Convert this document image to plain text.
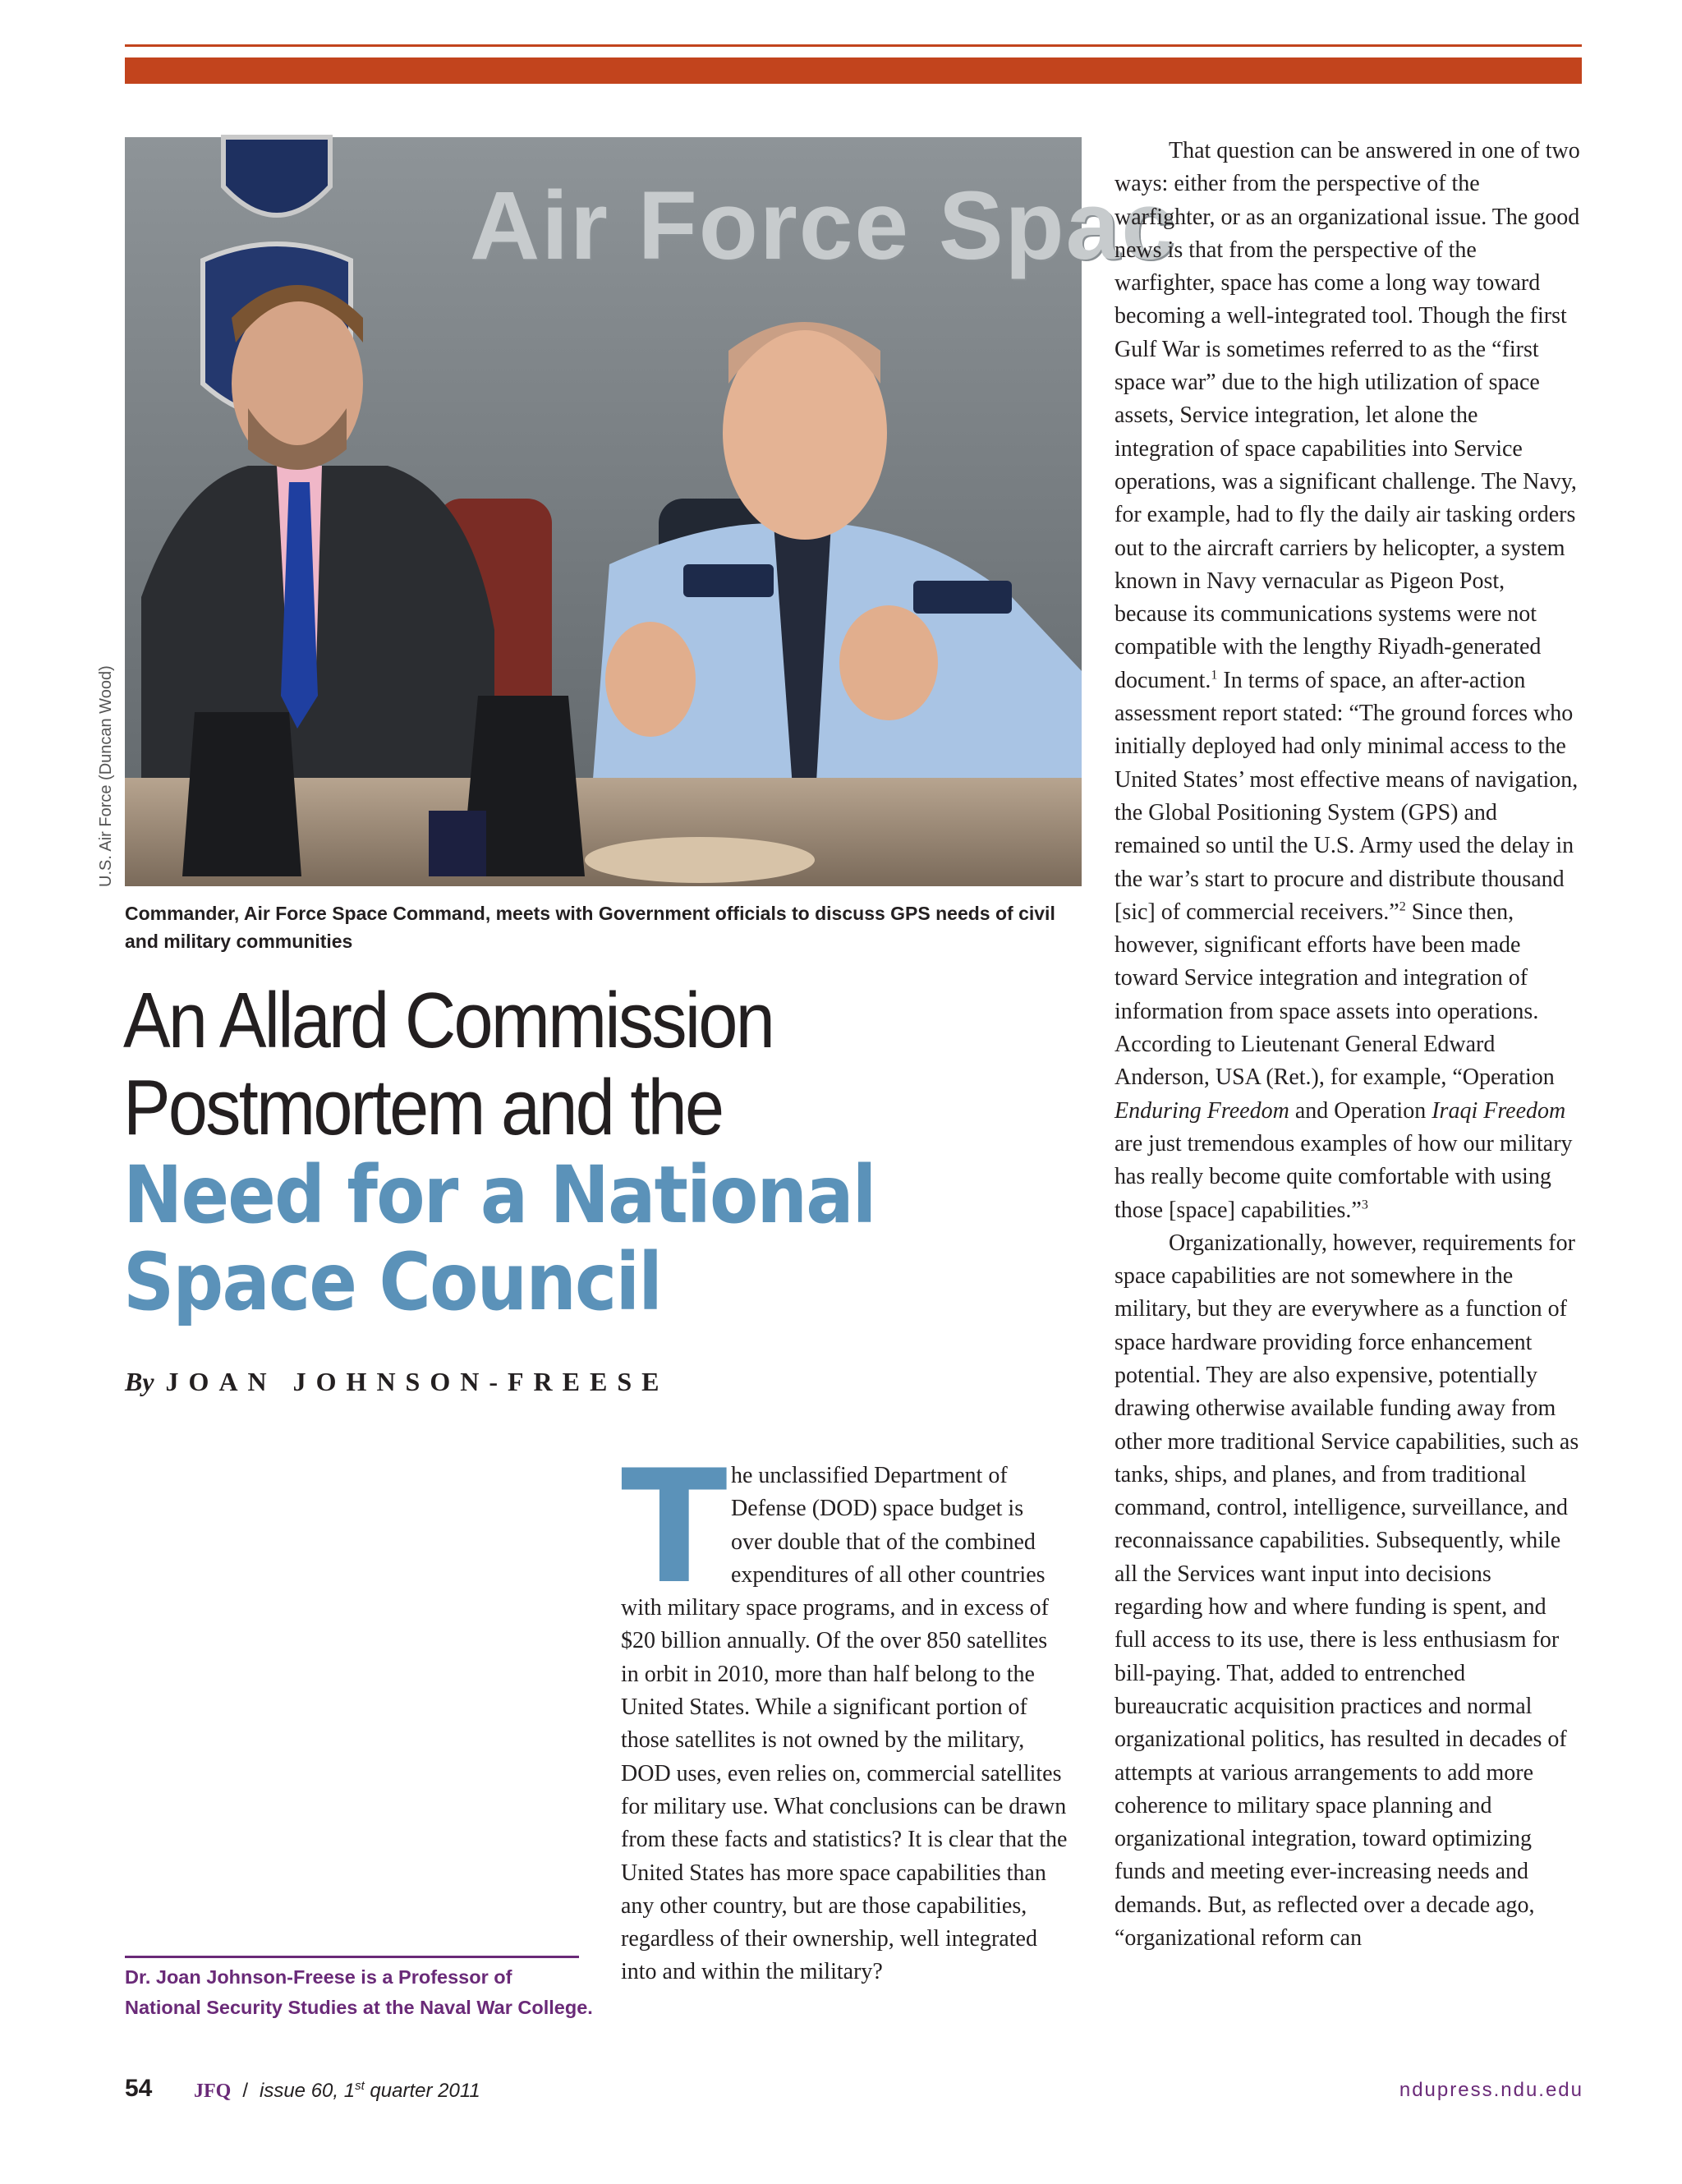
Air Force Spac

U.S. Air Force (Duncan Wood)
Commander, Air Force Space Command, meets with Government officials to discuss GPS needs of civil and military communities
An Allard Commission
Postmortem and the
Need for a National
Space Council
By JOAN JOHNSON-FREESE
T he unclassified Department of Defense (DOD) space budget is over double that of the combined expenditures of all other countries with military space programs, and in excess of $20 billion annually. Of the over 850 satellites in orbit in 2010, more than half belong to the United States. While a significant portion of those satellites is not owned by the military, DOD uses, even relies on, commercial satellites for military use. What conclusions can be drawn from these facts and statistics? It is clear that the United States has more space capabilities than any other country, but are those capabilities, regardless of their ownership, well integrated into and within the military?

That question can be answered in one of two ways: either from the perspective of the warfighter, or as an organizational issue. The good news is that from the perspective of the warfighter, space has come a long way toward becoming a well-integrated tool. Though the first Gulf War is sometimes referred to as the “first space war” due to the high utilization of space assets, Service integration, let alone the integration of space capabilities into Service operations, was a significant challenge. The Navy, for example, had to fly the daily air tasking orders out to the aircraft carriers by helicopter, a system known in Navy vernacular as Pigeon Post, because its communications systems were not compatible with the lengthy Riyadh-generated document.$^1$ In terms of space, an after-action assessment report stated: “The ground forces who initially deployed had only minimal access to the United States’ most effective means of navigation, the Global Positioning System (GPS) and remained so until the U.S. Army used the delay in the war’s start to procure and distribute thousand [sic] of commercial receivers.”$^2$ Since then, however, significant efforts have been made toward Service integration and integration of information from space assets into operations. According to Lieutenant General Edward Anderson, USA (Ret.), for example, “Operation Enduring Freedom and Operation Iraqi Freedom are just tremendous examples of how our military has really become quite comfortable with using those [space] capabilities.”$^3$

Organizationally, however, requirements for space capabilities are not somewhere in the military, but they are everywhere as a function of space hardware providing force enhancement potential. They are also expensive, potentially drawing otherwise available funding away from other more traditional Service capabilities, such as tanks, ships, and planes, and from traditional command, control, intelligence, surveillance, and reconnaissance capabilities. Subsequently, while all the Services want input into decisions regarding how and where funding is spent, and full access to its use, there is less enthusiasm for bill-paying. That, added to entrenched bureaucratic acquisition practices and normal organizational politics, has resulted in decades of attempts at various arrangements to add more coherence to military space planning and organizational integration, toward optimizing funds and meeting ever-increasing needs and demands. But, as reflected over a decade ago, “organizational reform can

Dr. Joan Johnson-Freese is a Professor of National Security Studies at the Naval War College.
54 JFQ / issue 60, 1st quarter 2011	ndupress.ndu.edu
